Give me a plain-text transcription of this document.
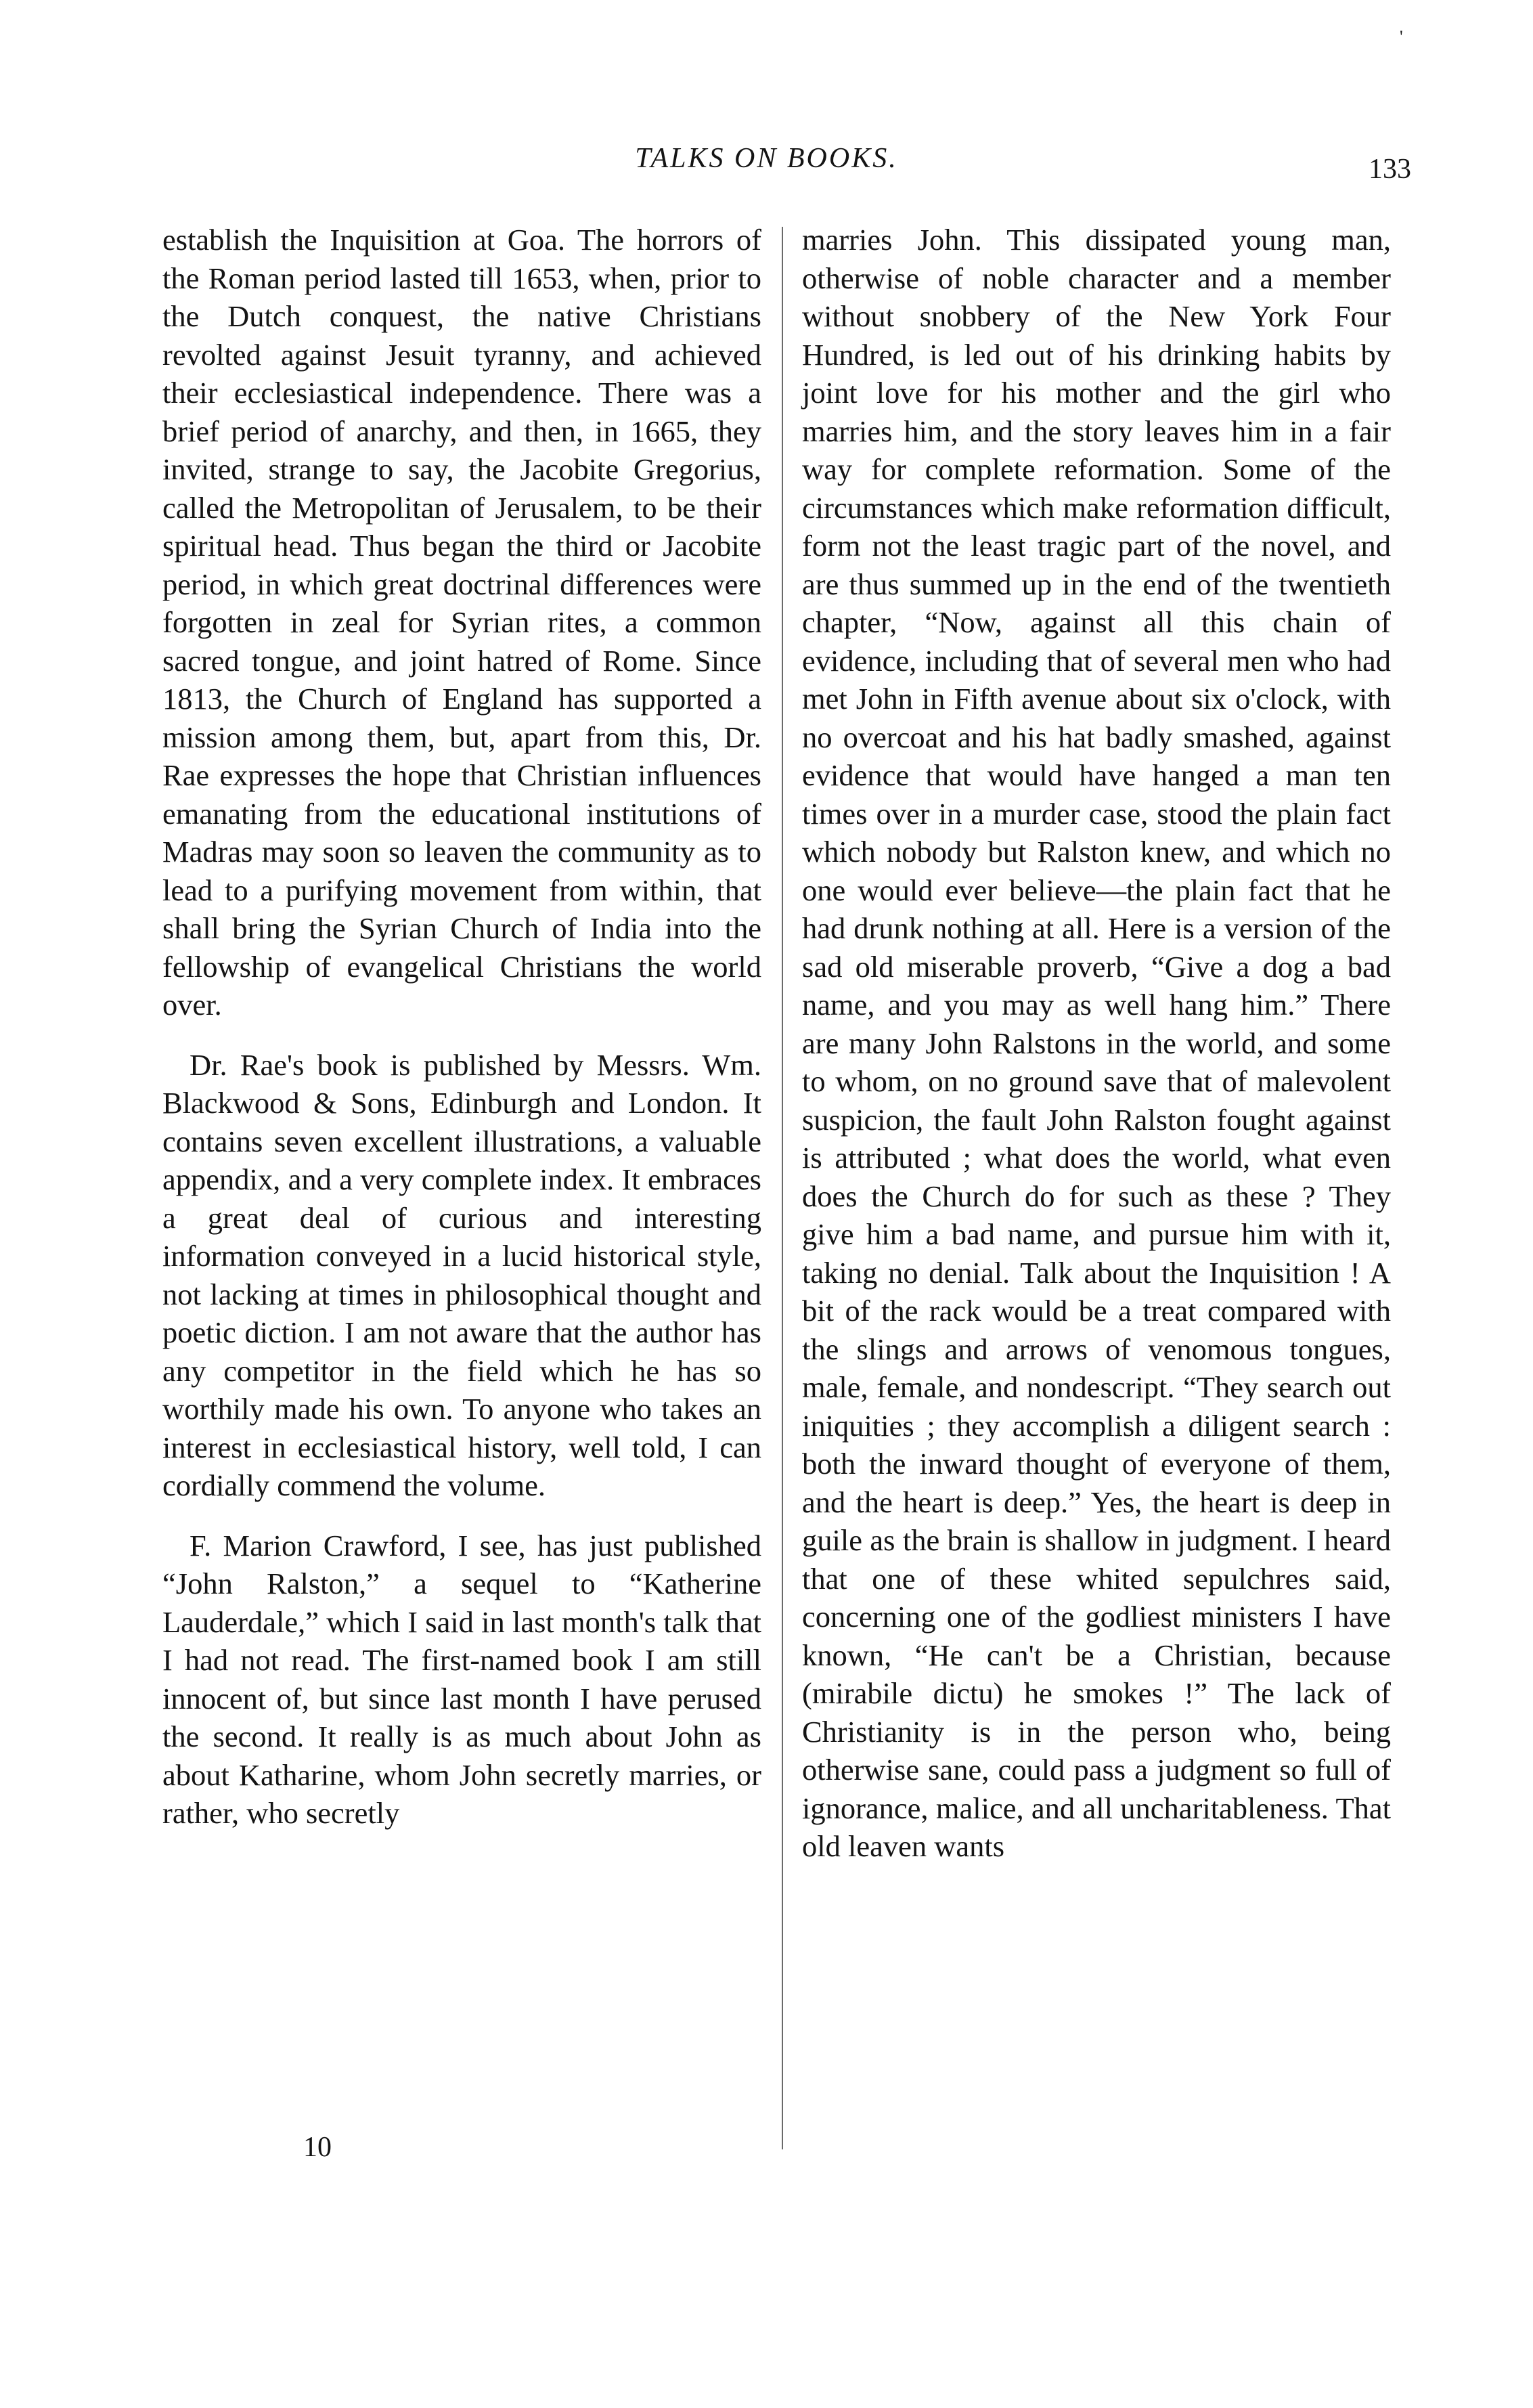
'
TALKS ON BOOKS.	133

establish the Inquisition at Goa. The horrors of the Roman period lasted till 1653, when, prior to the Dutch conquest, the native Christians revolted against Jesuit tyranny, and achieved their ecclesiastical independence. There was a brief period of anarchy, and then, in 1665, they invited, strange to say, the Jacobite Gregorius, called the Metropolitan of Jerusalem, to be their spiritual head. Thus began the third or Jacobite period, in which great doctrinal differences were forgotten in zeal for Syrian rites, a common sacred tongue, and joint hatred of Rome. Since 1813, the Church of England has supported a mission among them, but, apart from this, Dr. Rae expresses the hope that Christian influences emanating from the educational institutions of Madras may soon so leaven the community as to lead to a purifying movement from within, that shall bring the Syrian Church of India into the fellowship of evangelical Christians the world over.

Dr. Rae's book is published by Messrs. Wm. Blackwood & Sons, Edinburgh and London. It contains seven excellent illustrations, a valuable appendix, and a very complete index. It embraces a great deal of curious and interesting information conveyed in a lucid historical style, not lacking at times in philosophical thought and poetic diction. I am not aware that the author has any competitor in the field which he has so worthily made his own. To anyone who takes an interest in ecclesiastical history, well told, I can cordially commend the volume.

F. Marion Crawford, I see, has just published “John Ralston,” a sequel to “Katherine Lauderdale,” which I said in last month's talk that I had not read. The first-named book I am still innocent of, but since last month I have perused the second. It really is as much about John as about Katharine, whom John secretly marries, or rather, who secretly

marries John. This dissipated young man, otherwise of noble character and a member without snobbery of the New York Four Hundred, is led out of his drinking habits by joint love for his mother and the girl who marries him, and the story leaves him in a fair way for complete reformation. Some of the circumstances which make reformation difficult, form not the least tragic part of the novel, and are thus summed up in the end of the twentieth chapter, “Now, against all this chain of evidence, including that of several men who had met John in Fifth avenue about six o'clock, with no overcoat and his hat badly smashed, against evidence that would have hanged a man ten times over in a murder case, stood the plain fact which nobody but Ralston knew, and which no one would ever believe—the plain fact that he had drunk nothing at all. Here is a version of the sad old miserable proverb, “Give a dog a bad name, and you may as well hang him.” There are many John Ralstons in the world, and some to whom, on no ground save that of malevolent suspicion, the fault John Ralston fought against is attributed ; what does the world, what even does the Church do for such as these ? They give him a bad name, and pursue him with it, taking no denial. Talk about the Inquisition ! A bit of the rack would be a treat compared with the slings and arrows of venomous tongues, male, female, and nondescript. “They search out iniquities ; they accomplish a diligent search : both the inward thought of everyone of them, and the heart is deep.” Yes, the heart is deep in guile as the brain is shallow in judgment. I heard that one of these whited sepulchres said, concerning one of the godliest ministers I have known, “He can't be a Christian, because (mirabile dictu) he smokes !” The lack of Christianity is in the person who, being otherwise sane, could pass a judgment so full of ignorance, malice, and all uncharitableness. That old leaven wants

10
